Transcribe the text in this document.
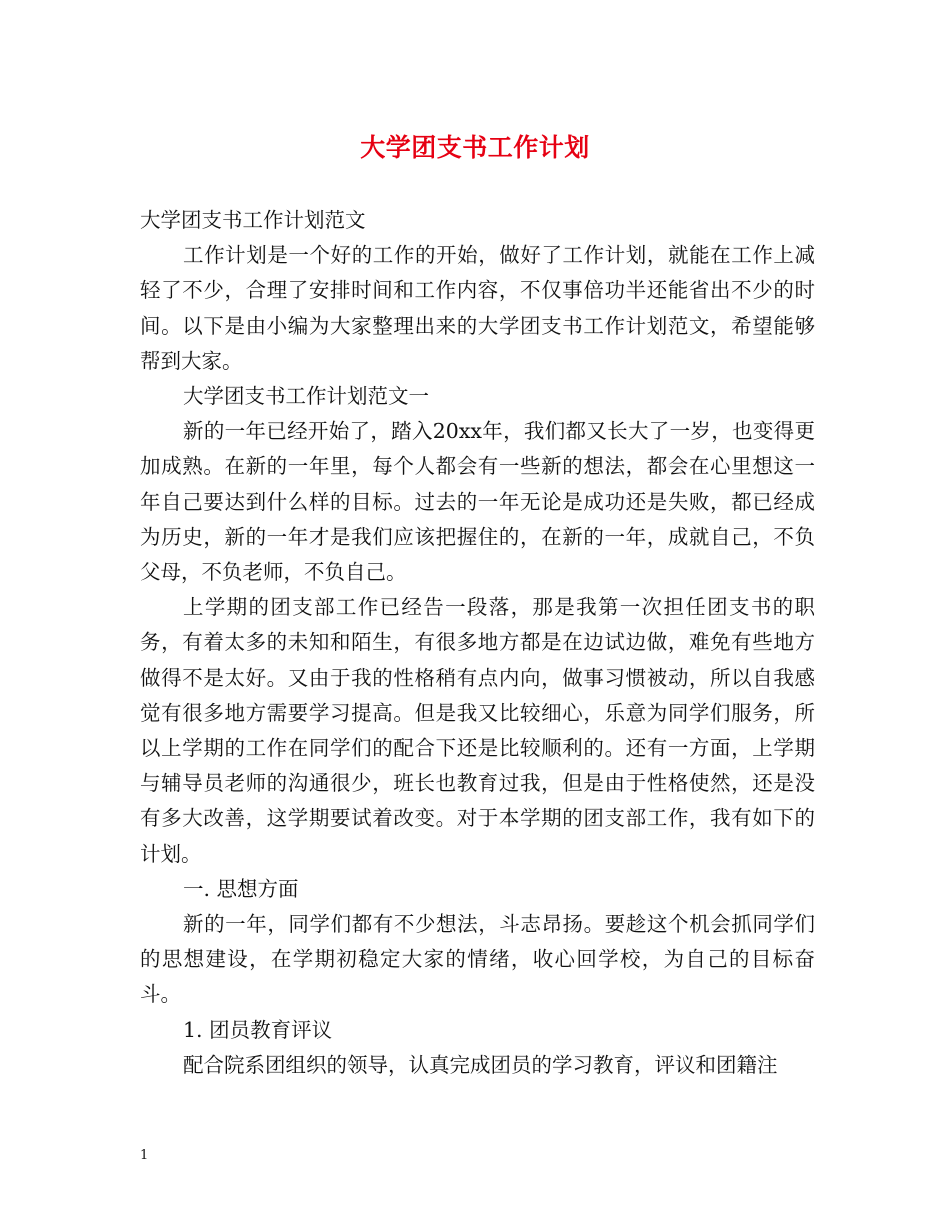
大学团支书工作计划

大学团支书工作计划范文

工作计划是一个好的工作的开始，做好了工作计划，就能在工作上减轻了不少，合理了安排时间和工作内容，不仅事倍功半还能省出不少的时间。以下是由小编为大家整理出来的大学团支书工作计划范文，希望能够帮到大家。

大学团支书工作计划范文一

新的一年已经开始了，踏入20xx年，我们都又长大了一岁，也变得更加成熟。在新的一年里，每个人都会有一些新的想法，都会在心里想这一年自己要达到什么样的目标。过去的一年无论是成功还是失败，都已经成为历史，新的一年才是我们应该把握住的，在新的一年，成就自己，不负父母，不负老师，不负自己。

上学期的团支部工作已经告一段落，那是我第一次担任团支书的职务，有着太多的未知和陌生，有很多地方都是在边试边做，难免有些地方做得不是太好。又由于我的性格稍有点内向，做事习惯被动，所以自我感觉有很多地方需要学习提高。但是我又比较细心，乐意为同学们服务，所以上学期的工作在同学们的配合下还是比较顺利的。还有一方面，上学期与辅导员老师的沟通很少，班长也教育过我，但是由于性格使然，还是没有多大改善，这学期要试着改变。对于本学期的团支部工作，我有如下的计划。

一. 思想方面

新的一年，同学们都有不少想法，斗志昂扬。要趁这个机会抓同学们的思想建设，在学期初稳定大家的情绪，收心回学校，为自己的目标奋斗。

1. 团员教育评议

配合院系团组织的领导，认真完成团员的学习教育，评议和团籍注

1
